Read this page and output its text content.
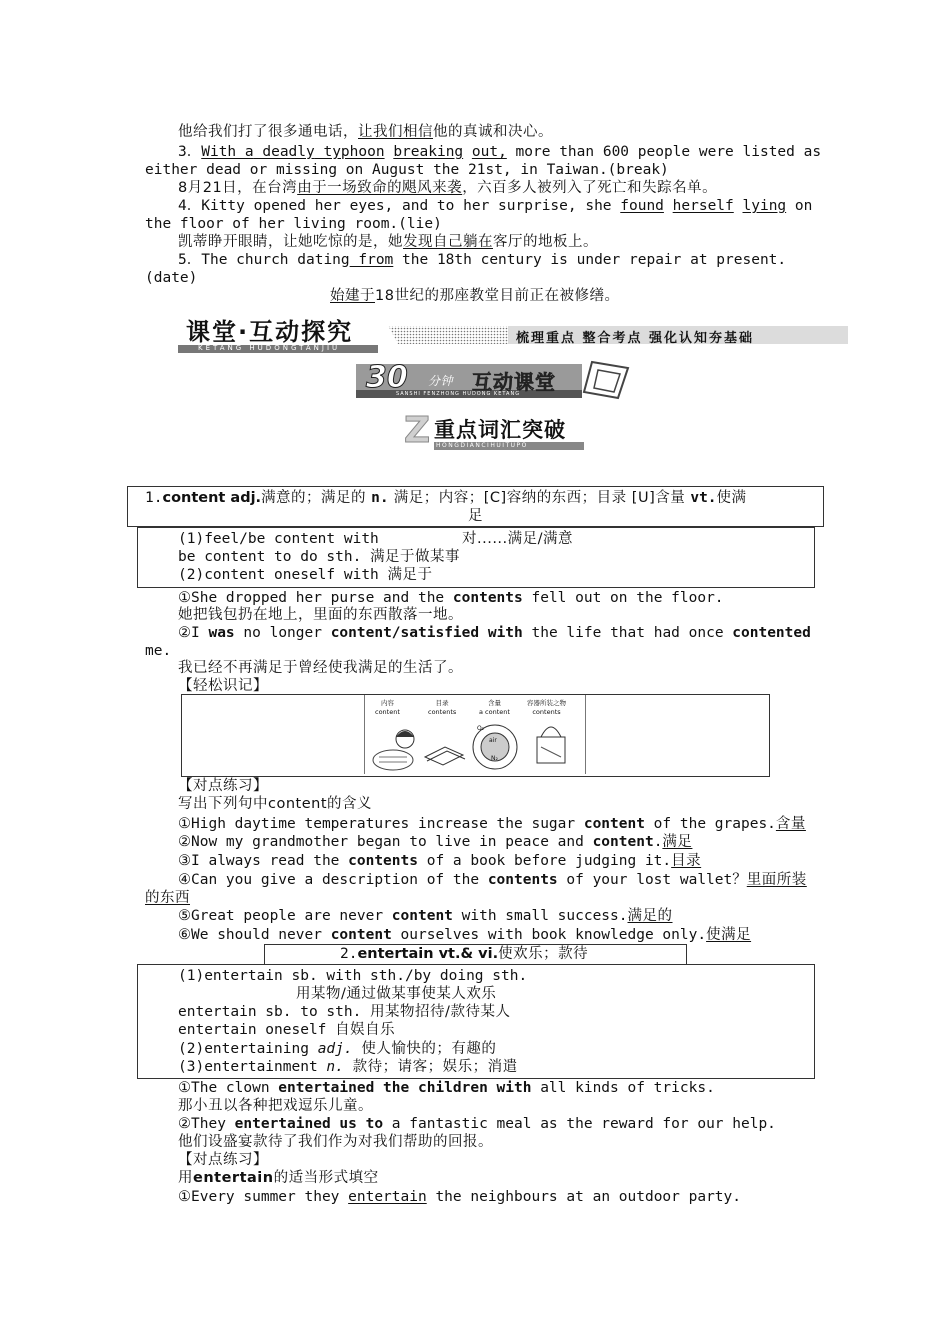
他给我们打了很多通电话，让我们相信他的真诚和决心。
3．With a deadly typhoon breaking out, more than 600 people were listed as
either dead or missing on August the 21st, in Taiwan.(break)
8月21日，在台湾由于一场致命的飓风来袭，六百多人被列入了死亡和失踪名单。
4．Kitty opened her eyes, and to her surprise, she found herself lying on
the floor of her living room.(lie)
凯蒂睁开眼睛，让她吃惊的是，她发现自己躺在客厅的地板上。
5．The church dating from the 18th century is under repair at present.
(date)
始建于18世纪的那座教堂目前正在被修缮。
课堂·互动探究
KETANG HUDONGTANJIU
梳理重点 整合考点 强化认知夯基础
30 分钟 互动课堂
SANSHI FENZHONG HUDONG KETANG
Z 重点词汇突破
HONGDIANCIHUITUPO
1.content adj.满意的；满足的 n. 满足；内容；[C]容纳的东西；目录 [U]含量 vt.使满
足
(1)feel/be content with	对......满足/满意
be content to do sth. 满足于做某事
(2)content oneself with 满足于
①She dropped her purse and the contents fell out on the floor.
她把钱包扔在地上，里面的东西散落一地。
②I was no longer content/satisfied with the life that had once contented
me.
我已经不再满足于曾经使我满足的生活了。
【轻松识记】
内容
content
目录
contents
含量
a content
容器所装之物
contents
air
O₂
N₂
【对点练习】
写出下列句中content的含义
①High daytime temperatures increase the sugar content of the grapes.含量
②Now my grandmother began to live in peace and content.满足
③I always read the contents of a book before judging it.目录
④Can you give a description of the contents of your lost wallet？里面所装
的东西
⑤Great people are never content with small success.满足的
⑥We should never content ourselves with book knowledge only.使满足
2.entertain vt.& vi.使欢乐；款待
(1)entertain sb. with sth./by doing sth.
用某物/通过做某事使某人欢乐
entertain sb. to sth. 用某物招待/款待某人
entertain oneself 自娱自乐
(2)entertaining adj. 使人愉快的；有趣的
(3)entertainment n. 款待；请客；娱乐；消遣
①The clown entertained the children with all kinds of tricks.
那小丑以各种把戏逗乐儿童。
②They entertained us to a fantastic meal as the reward for our help.
他们设盛宴款待了我们作为对我们帮助的回报。
【对点练习】
用entertain的适当形式填空
①Every summer they entertain the neighbours at an outdoor party.
